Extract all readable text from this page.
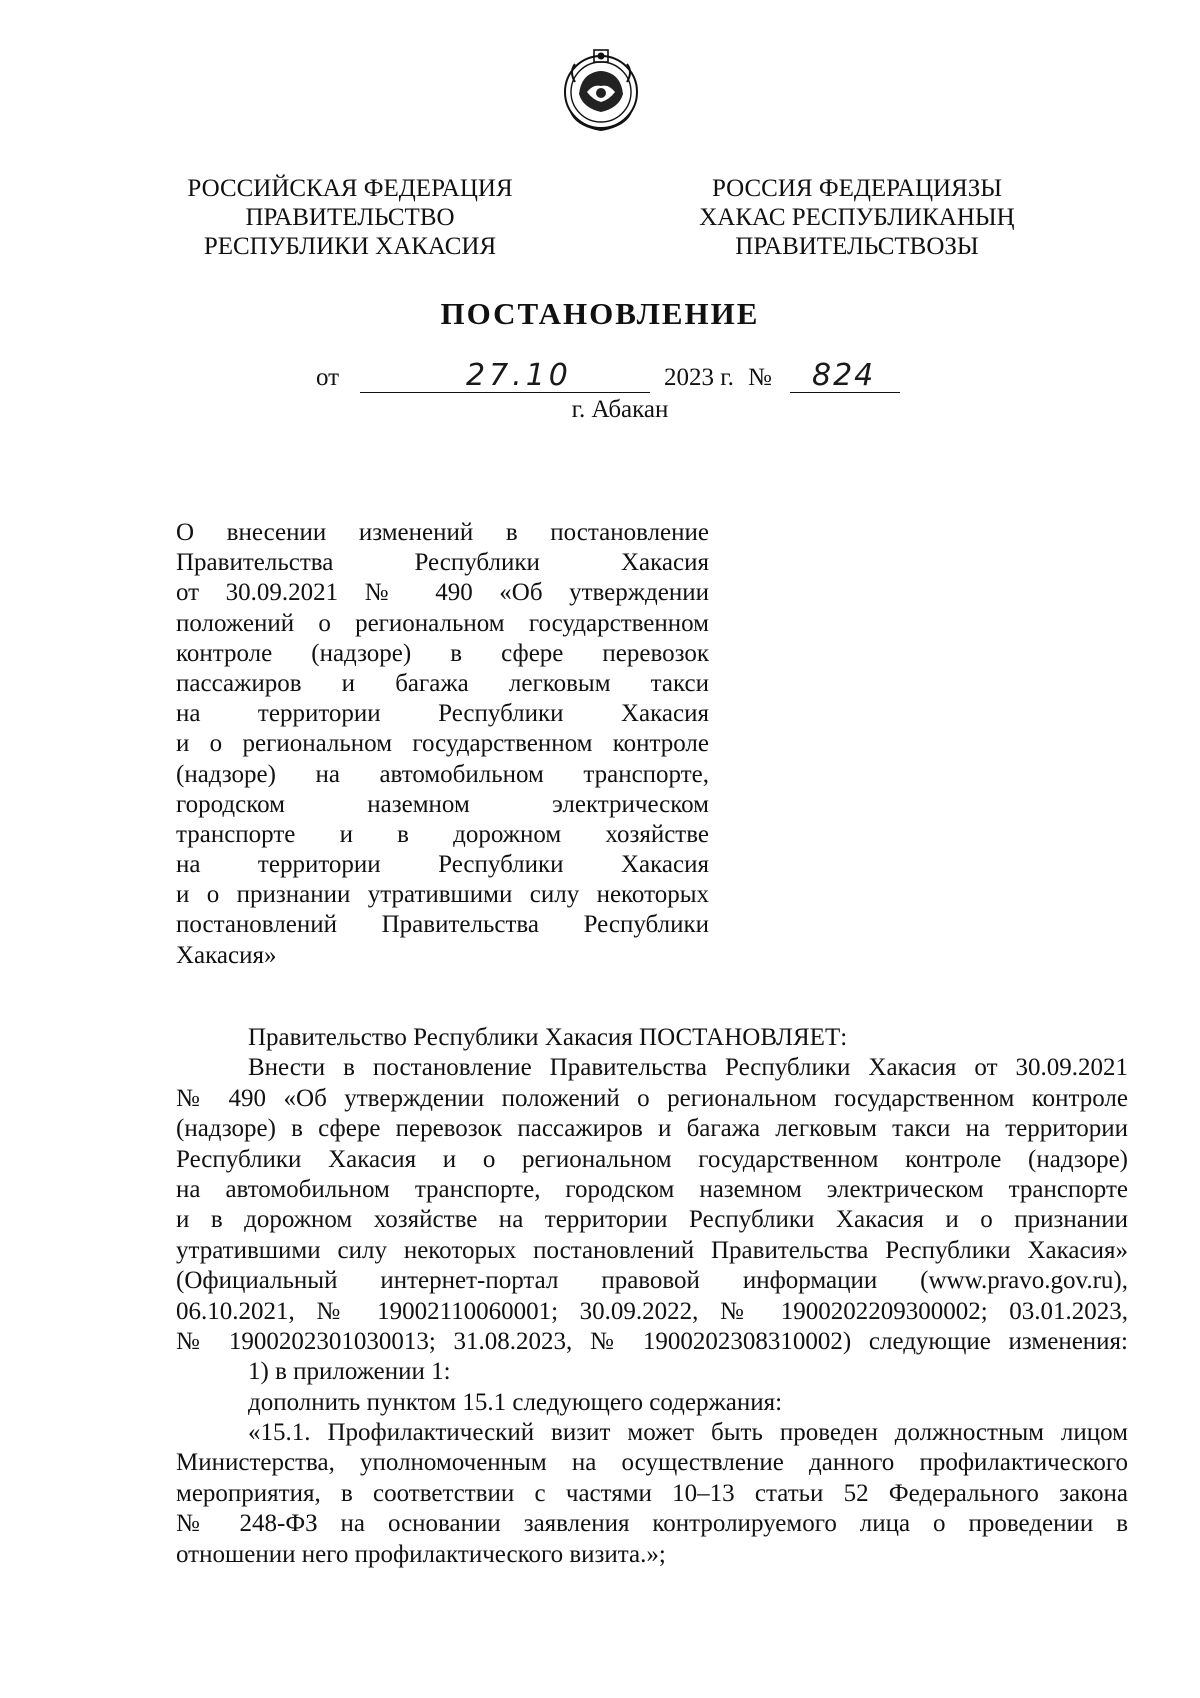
РОССИЙСКАЯ ФЕДЕРАЦИЯ
ПРАВИТЕЛЬСТВО
РЕСПУБЛИКИ ХАКАСИЯ
РОССИЯ ФЕДЕРАЦИЯЗЫ
ХАКАС РЕСПУБЛИКАНЫҢ
ПРАВИТЕЛЬСТВОЗЫ
ПОСТАНОВЛЕНИЕ
от	27.10	2023 г. № 824
г. Абакан
О внесении изменений в постановление
Правительства Республики Хакасия
от 30.09.2021 № 490 «Об утверждении
положений о региональном государственном
контроле (надзоре) в сфере перевозок
пассажиров и багажа легковым такси
на территории Республики Хакасия
и о региональном государственном контроле
(надзоре) на автомобильном транспорте,
городском наземном электрическом
транспорте и в дорожном хозяйстве
на территории Республики Хакасия
и о признании утратившими силу некоторых
постановлений Правительства Республики
Хакасия»
Правительство Республики Хакасия ПОСТАНОВЛЯЕТ:
Внести в постановление Правительства Республики Хакасия от 30.09.2021
№ 490 «Об утверждении положений о региональном государственном контроле
(надзоре) в сфере перевозок пассажиров и багажа легковым такси на территории
Республики Хакасия и о региональном государственном контроле (надзоре)
на автомобильном транспорте, городском наземном электрическом транспорте
и в дорожном хозяйстве на территории Республики Хакасия и о признании
утратившими силу некоторых постановлений Правительства Республики Хакасия»
(Официальный интернет-портал правовой информации (www.pravo.gov.ru),
06.10.2021, № 19002110060001; 30.09.2022, № 1900202209300002; 03.01.2023,
№ 1900202301030013; 31.08.2023, № 1900202308310002) следующие изменения:
1) в приложении 1:
дополнить пунктом 15.1 следующего содержания:
«15.1. Профилактический визит может быть проведен должностным лицом
Министерства, уполномоченным на осуществление данного профилактического
мероприятия, в соответствии с частями 10–13 статьи 52 Федерального закона
№ 248-ФЗ на основании заявления контролируемого лица о проведении в
отношении него профилактического визита.»;
